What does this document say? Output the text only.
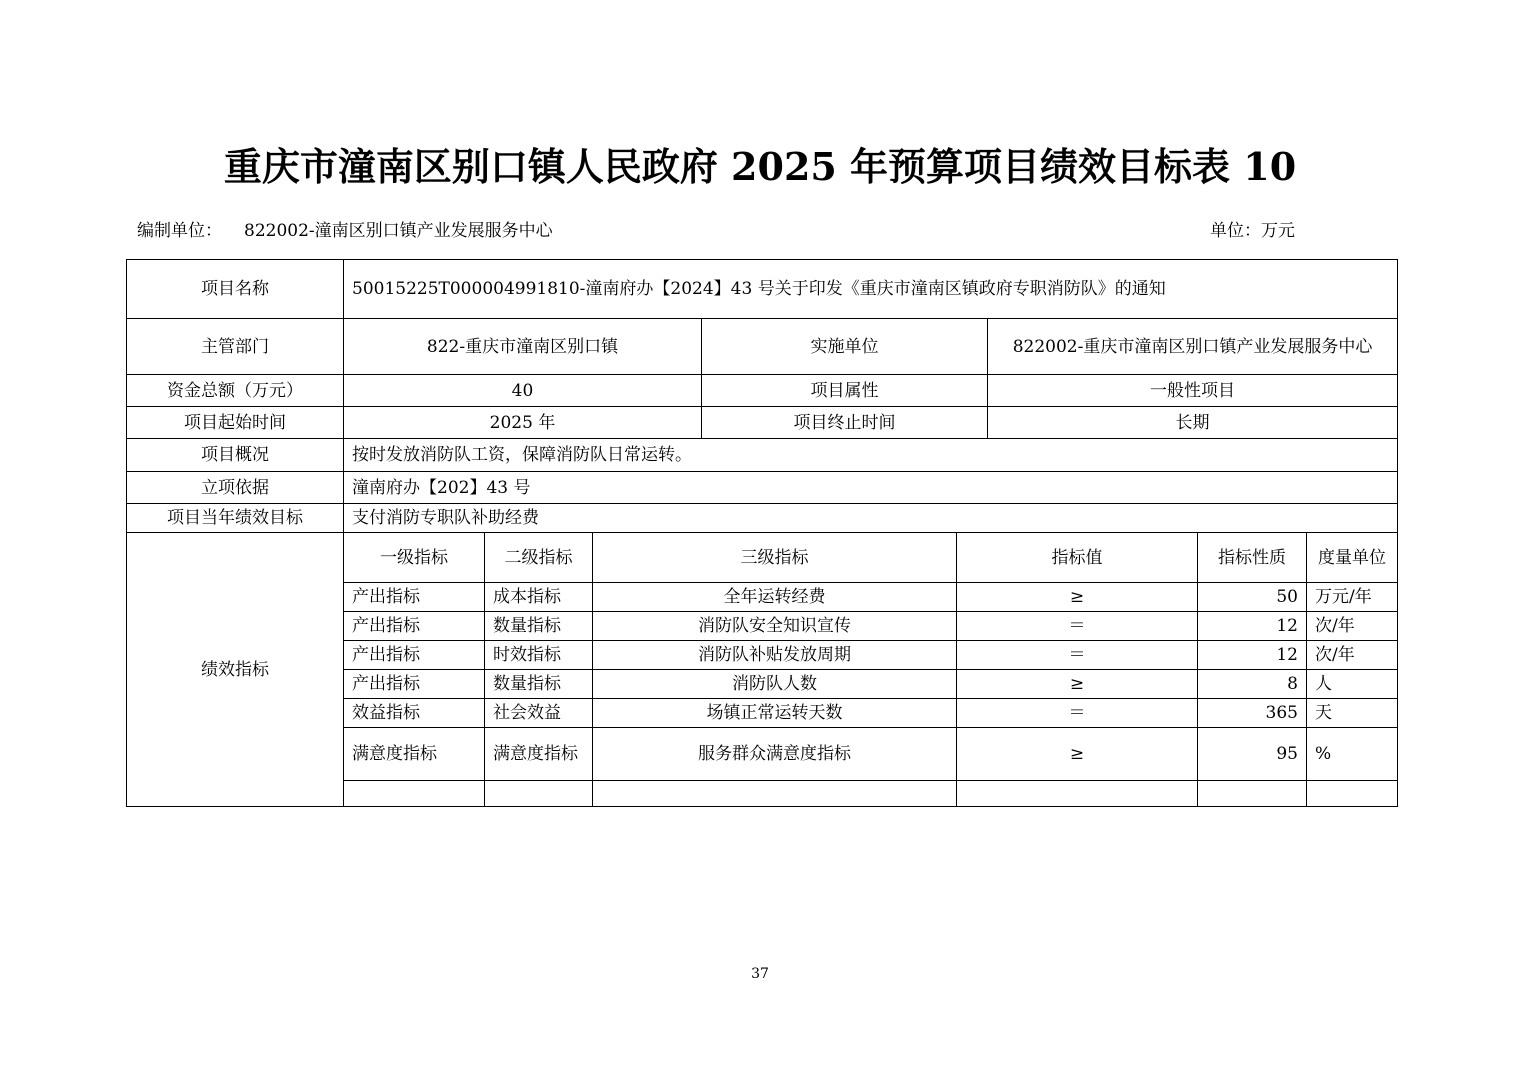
重庆市潼南区别口镇人民政府 2025 年预算项目绩效目标表 10
编制单位： 822002-潼南区别口镇产业发展服务中心	单位：万元
项目名称	50015225T000004991810-潼南府办【2024】43 号关于印发《重庆市潼南区镇政府专职消防队》的通知							
主管部门	822-重庆市潼南区别口镇			实施单位		822002-重庆市潼南区别口镇产业发展服务中心		
资金总额（万元）	40			项目属性		一般性项目		
项目起始时间	2025 年			项目终止时间		长期		
项目概况	按时发放消防队工资，保障消防队日常运转。							
立项依据	潼南府办【202】43 号							
项目当年绩效目标	支付消防专职队补助经费							
绩效指标	一级指标	二级指标	三级指标		指标值		指标性质	度量单位
	产出指标	成本指标	全年运转经费		≥		50	万元/年
	产出指标	数量指标	消防队安全知识宣传		＝		12	次/年
	产出指标	时效指标	消防队补贴发放周期		＝		12	次/年
	产出指标	数量指标	消防队人数		≥		8	人
	效益指标	社会效益	场镇正常运转天数		＝		365	天
	满意度指标	满意度指标	服务群众满意度指标		≥		95	%

37
